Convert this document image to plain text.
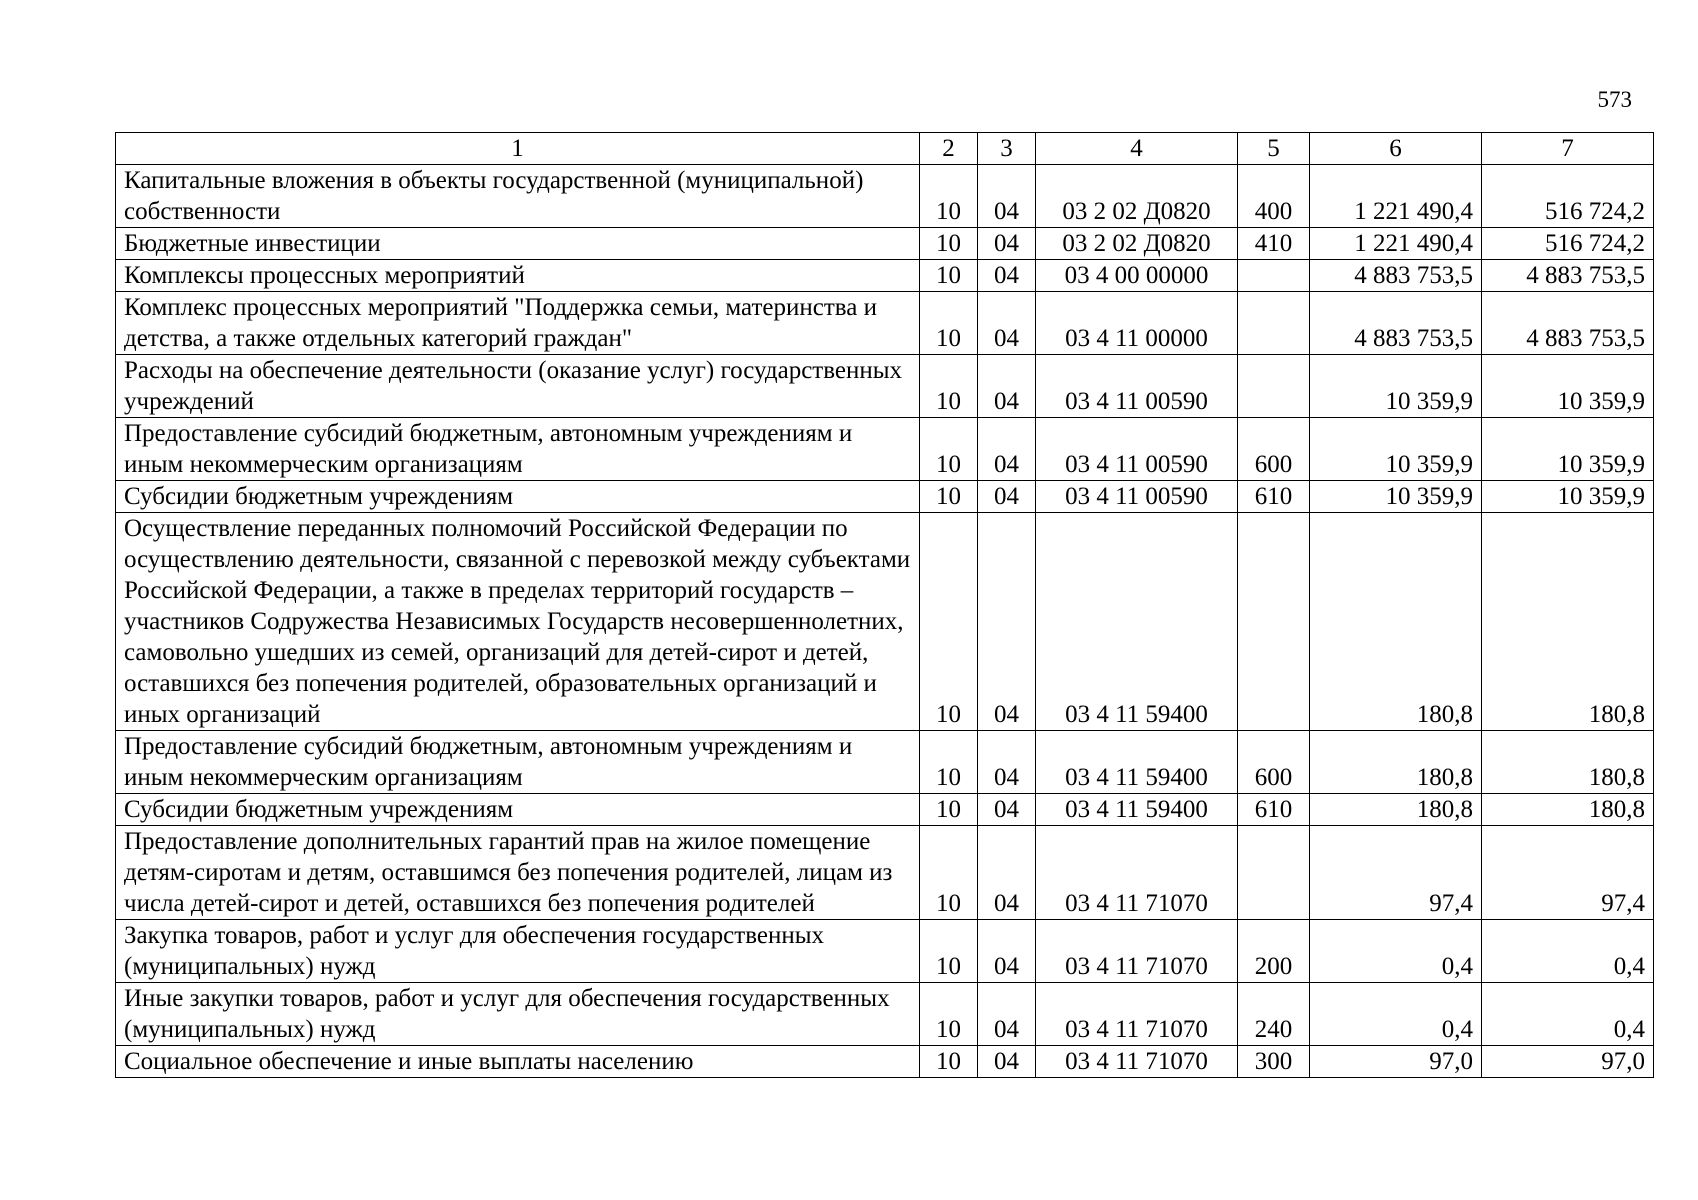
573
1	2	3	4	5	6	7
Капитальные вложения в объекты государственной (муниципальной) собственности	10	04	03 2 02 Д0820	400	1 221 490,4	516 724,2
Бюджетные инвестиции	10	04	03 2 02 Д0820	410	1 221 490,4	516 724,2
Комплексы процессных мероприятий	10	04	03 4 00 00000		4 883 753,5	4 883 753,5
Комплекс процессных мероприятий "Поддержка семьи, материнства и детства, а также отдельных категорий граждан"	10	04	03 4 11 00000		4 883 753,5	4 883 753,5
Расходы на обеспечение деятельности (оказание услуг) государственных учреждений	10	04	03 4 11 00590		10 359,9	10 359,9
Предоставление субсидий бюджетным, автономным учреждениям и иным некоммерческим организациям	10	04	03 4 11 00590	600	10 359,9	10 359,9
Субсидии бюджетным учреждениям	10	04	03 4 11 00590	610	10 359,9	10 359,9
Осуществление переданных полномочий Российской Федерации по осуществлению деятельности, связанной с перевозкой между субъектами Российской Федерации, а также в пределах территорий государств – участников Содружества Независимых Государств несовершеннолетних, самовольно ушедших из семей, организаций для детей-сирот и детей, оставшихся без попечения родителей, образовательных организаций и иных организаций	10	04	03 4 11 59400		180,8	180,8
Предоставление субсидий бюджетным, автономным учреждениям и иным некоммерческим организациям	10	04	03 4 11 59400	600	180,8	180,8
Субсидии бюджетным учреждениям	10	04	03 4 11 59400	610	180,8	180,8
Предоставление дополнительных гарантий прав на жилое помещение детям-сиротам и детям, оставшимся без попечения родителей, лицам из числа детей-сирот и детей, оставшихся без попечения родителей	10	04	03 4 11 71070		97,4	97,4
Закупка товаров, работ и услуг для обеспечения государственных (муниципальных) нужд	10	04	03 4 11 71070	200	0,4	0,4
Иные закупки товаров, работ и услуг для обеспечения государственных (муниципальных) нужд	10	04	03 4 11 71070	240	0,4	0,4
Социальное обеспечение и иные выплаты населению	10	04	03 4 11 71070	300	97,0	97,0
